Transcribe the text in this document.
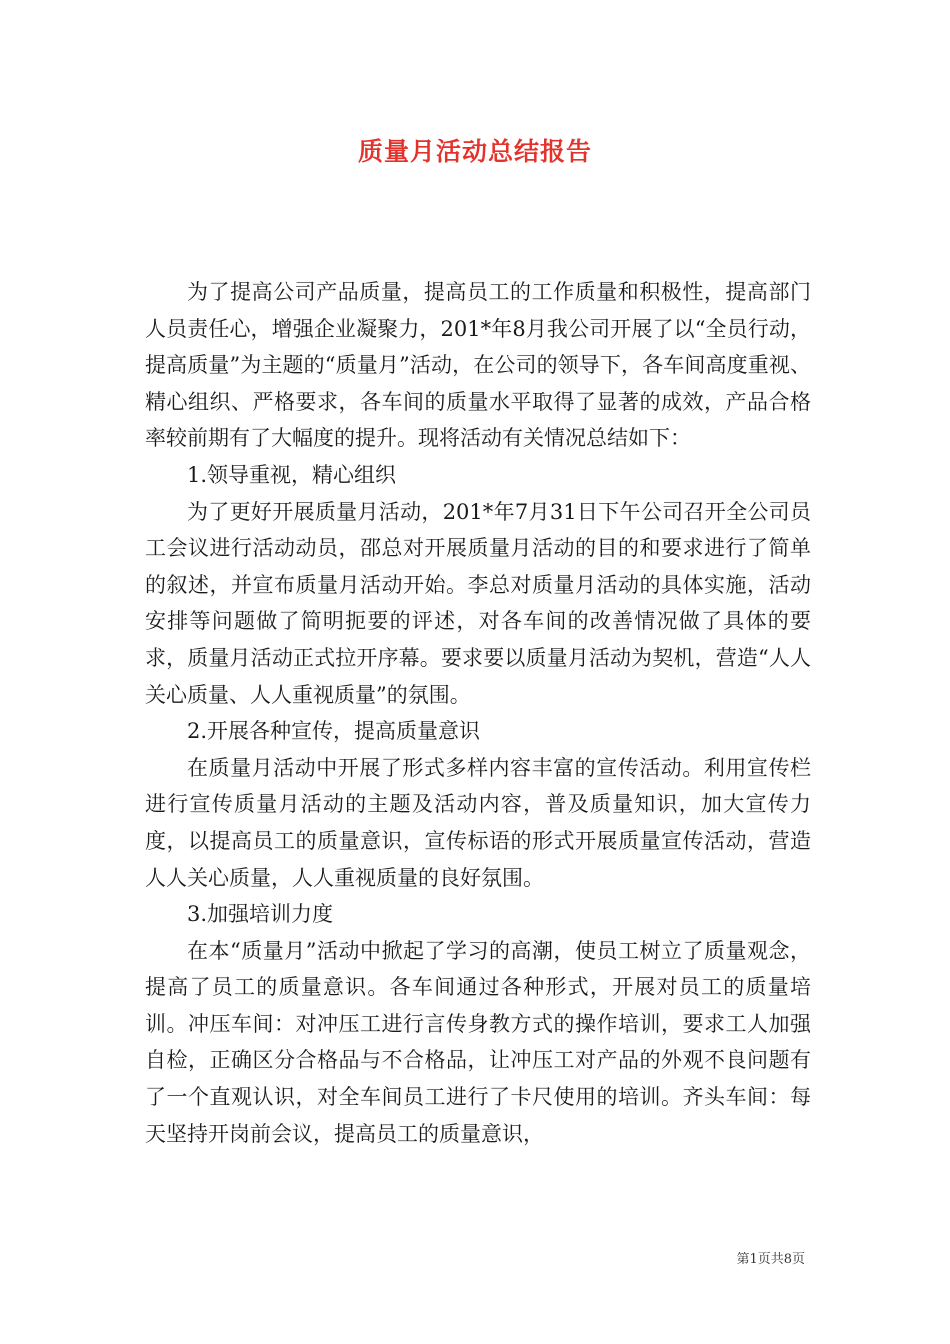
质量月活动总结报告

为了提高公司产品质量，提高员工的工作质量和积极性，提高部门人员责任心，增强企业凝聚力，201*年8月我公司开展了以“全员行动，提高质量”为主题的“质量月”活动，在公司的领导下，各车间高度重视、精心组织、严格要求，各车间的质量水平取得了显著的成效，产品合格率较前期有了大幅度的提升。现将活动有关情况总结如下：

1.领导重视，精心组织

为了更好开展质量月活动，201*年7月31日下午公司召开全公司员工会议进行活动动员，邵总对开展质量月活动的目的和要求进行了简单的叙述，并宣布质量月活动开始。李总对质量月活动的具体实施，活动安排等问题做了简明扼要的评述，对各车间的改善情况做了具体的要求，质量月活动正式拉开序幕。要求要以质量月活动为契机，营造“人人关心质量、人人重视质量”的氛围。

2.开展各种宣传，提高质量意识

在质量月活动中开展了形式多样内容丰富的宣传活动。利用宣传栏进行宣传质量月活动的主题及活动内容，普及质量知识，加大宣传力度，以提高员工的质量意识，宣传标语的形式开展质量宣传活动，营造人人关心质量，人人重视质量的良好氛围。

3.加强培训力度

在本“质量月”活动中掀起了学习的高潮，使员工树立了质量观念，提高了员工的质量意识。各车间通过各种形式，开展对员工的质量培训。冲压车间：对冲压工进行言传身教方式的操作培训，要求工人加强自检，正确区分合格品与不合格品，让冲压工对产品的外观不良问题有了一个直观认识，对全车间员工进行了卡尺使用的培训。齐头车间：每天坚持开岗前会议，提高员工的质量意识，

第1页共8页
